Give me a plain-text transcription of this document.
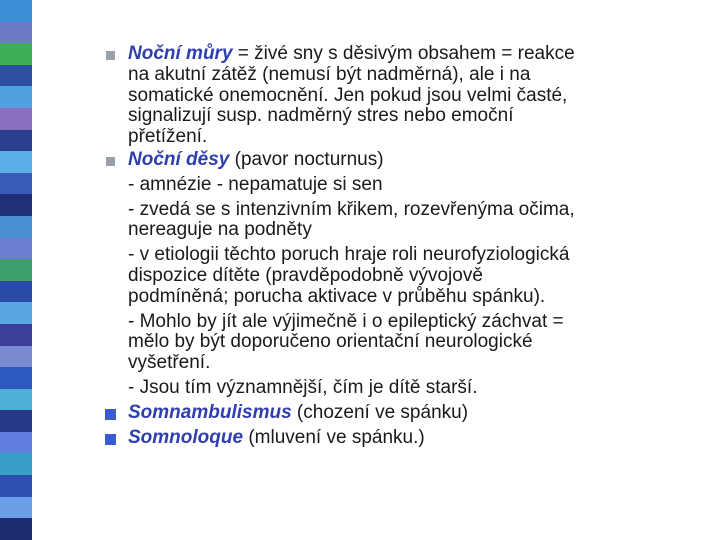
Noční můry = živé sny s děsivým obsahem = reakce
na akutní zátěž (nemusí být nadměrná), ale i na
somatické onemocnění. Jen pokud jsou velmi časté,
signalizují susp. nadměrný stres nebo emoční
přetížení.
Noční děsy (pavor nocturnus)
- amnézie - nepamatuje si sen
- zvedá se s intenzivním křikem, rozevřenýma očima,
nereaguje na podněty
- v etiologii těchto poruch hraje roli neurofyziologická
dispozice dítěte (pravděpodobně vývojově
podmíněná; porucha aktivace v průběhu spánku).
- Mohlo by jít ale výjimečně i o epileptický záchvat =
mělo by být doporučeno orientační neurologické
vyšetření.
- Jsou tím významnější, čím je dítě starší.
Somnambulismus (chození ve spánku)
Somnoloque (mluvení ve spánku.)
